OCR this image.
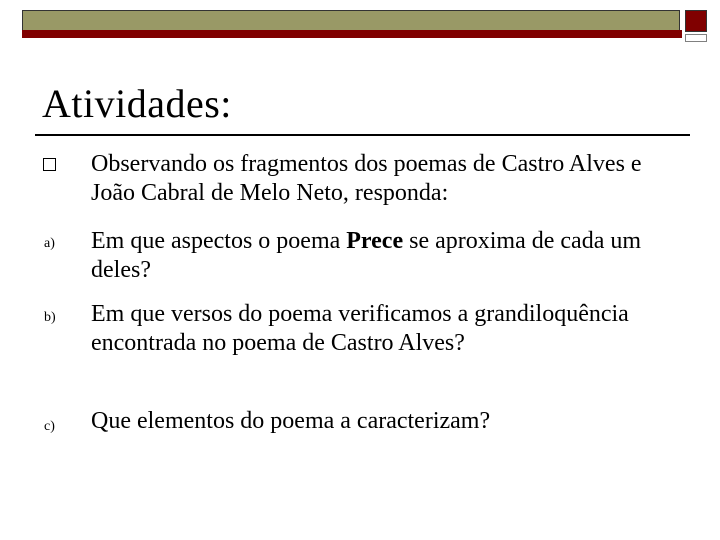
Atividades:

Observando os fragmentos dos poemas de Castro Alves e João Cabral de Melo Neto, responda:

a) Em que aspectos o poema Prece se aproxima de cada um deles?

b) Em que versos do poema verificamos a grandiloquência encontrada no poema de Castro Alves?

c) Que elementos do poema a caracterizam?
